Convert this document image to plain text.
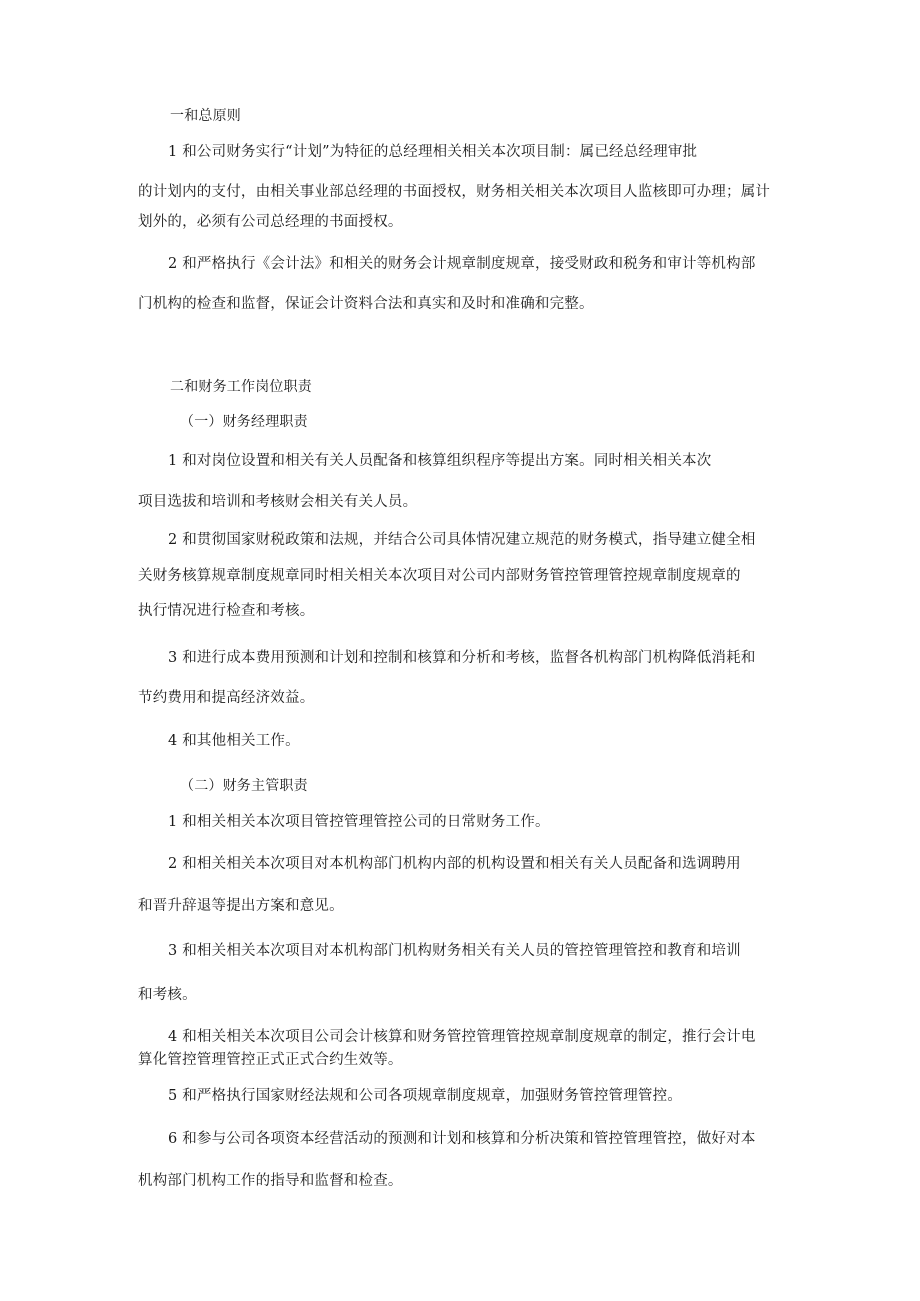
一和总原则
1 和公司财务实行“计划”为特征的总经理相关相关本次项目制：属已经总经理审批
的计划内的支付，由相关事业部总经理的书面授权，财务相关相关本次项目人监核即可办理；属计
划外的，必须有公司总经理的书面授权。
2 和严格执行《会计法》和相关的财务会计规章制度规章，接受财政和税务和审计等机构部
门机构的检查和监督，保证会计资料合法和真实和及时和准确和完整。
二和财务工作岗位职责
（一）财务经理职责
1 和对岗位设置和相关有关人员配备和核算组织程序等提出方案。同时相关相关本次
项目选拔和培训和考核财会相关有关人员。
2 和贯彻国家财税政策和法规，并结合公司具体情况建立规范的财务模式，指导建立健全相
关财务核算规章制度规章同时相关相关本次项目对公司内部财务管控管理管控规章制度规章的
执行情况进行检查和考核。
3 和进行成本费用预测和计划和控制和核算和分析和考核，监督各机构部门机构降低消耗和
节约费用和提高经济效益。
4 和其他相关工作。
（二）财务主管职责
1 和相关相关本次项目管控管理管控公司的日常财务工作。
2 和相关相关本次项目对本机构部门机构内部的机构设置和相关有关人员配备和选调聘用
和晋升辞退等提出方案和意见。
3 和相关相关本次项目对本机构部门机构财务相关有关人员的管控管理管控和教育和培训
和考核。
4 和相关相关本次项目公司会计核算和财务管控管理管控规章制度规章的制定，推行会计电
算化管控管理管控正式正式合约生效等。
5 和严格执行国家财经法规和公司各项规章制度规章，加强财务管控管理管控。
6 和参与公司各项资本经营活动的预测和计划和核算和分析决策和管控管理管控，做好对本
机构部门机构工作的指导和监督和检查。
